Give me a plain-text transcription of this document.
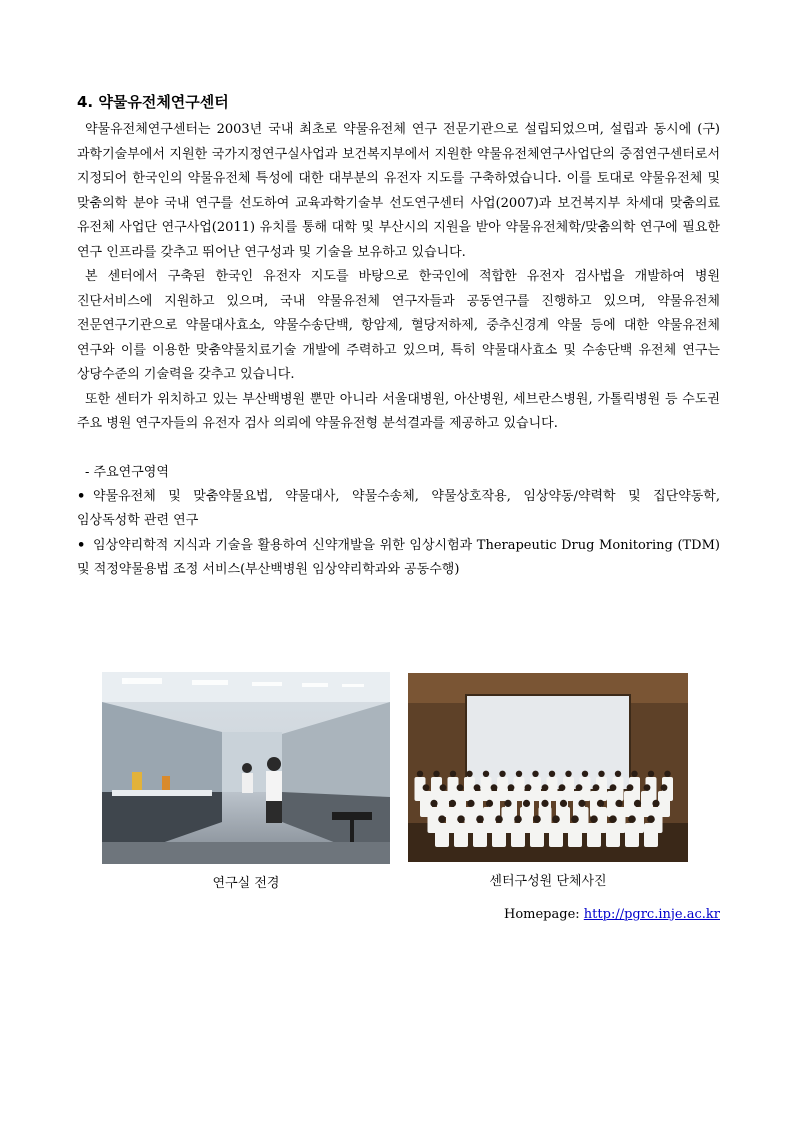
4. 약물유전체연구센터

약물유전체연구센터는 2003년 국내 최초로 약물유전체 연구 전문기관으로 설립되었으며, 설립과 동시에 (구)과학기술부에서 지원한 국가지정연구실사업과 보건복지부에서 지원한 약물유전체연구사업단의 중점연구센터로서 지정되어 한국인의 약물유전체 특성에 대한 대부분의 유전자 지도를 구축하였습니다. 이를 토대로 약물유전체 및 맞춤의학 분야 국내 연구를 선도하여 교육과학기술부 선도연구센터 사업(2007)과 보건복지부 차세대 맞춤의료 유전체 사업단 연구사업(2011) 유치를 통해 대학 및 부산시의 지원을 받아 약물유전체학/맞춤의학 연구에 필요한 연구 인프라를 갖추고 뛰어난 연구성과 및 기술을 보유하고 있습니다.

본 센터에서 구축된 한국인 유전자 지도를 바탕으로 한국인에 적합한 유전자 검사법을 개발하여 병원 진단서비스에 지원하고 있으며, 국내 약물유전체 연구자들과 공동연구를 진행하고 있으며, 약물유전체 전문연구기관으로 약물대사효소, 약물수송단백, 항암제, 혈당저하제, 중추신경계 약물 등에 대한 약물유전체 연구와 이를 이용한 맞춤약물치료기술 개발에 주력하고 있으며, 특히 약물대사효소 및 수송단백 유전체 연구는 상당수준의 기술력을 갖추고 있습니다.

또한 센터가 위치하고 있는 부산백병원 뿐만 아니라 서울대병원, 아산병원, 세브란스병원, 가톨릭병원 등 수도권 주요 병원 연구자들의 유전자 검사 의뢰에 약물유전형 분석결과를 제공하고 있습니다.

- 주요연구영역

• 약물유전체 및 맞춤약물요법, 약물대사, 약물수송체, 약물상호작용, 임상약동/약력학 및 집단약동학, 임상독성학 관련 연구

• 임상약리학적 지식과 기술을 활용하여 신약개발을 위한 임상시험과 Therapeutic Drug Monitoring (TDM) 및 적정약물용법 조정 서비스(부산백병원 임상약리학과와 공동수행)

연구실 전경	센터구성원 단체사진
Homepage: http://pgrc.inje.ac.kr
